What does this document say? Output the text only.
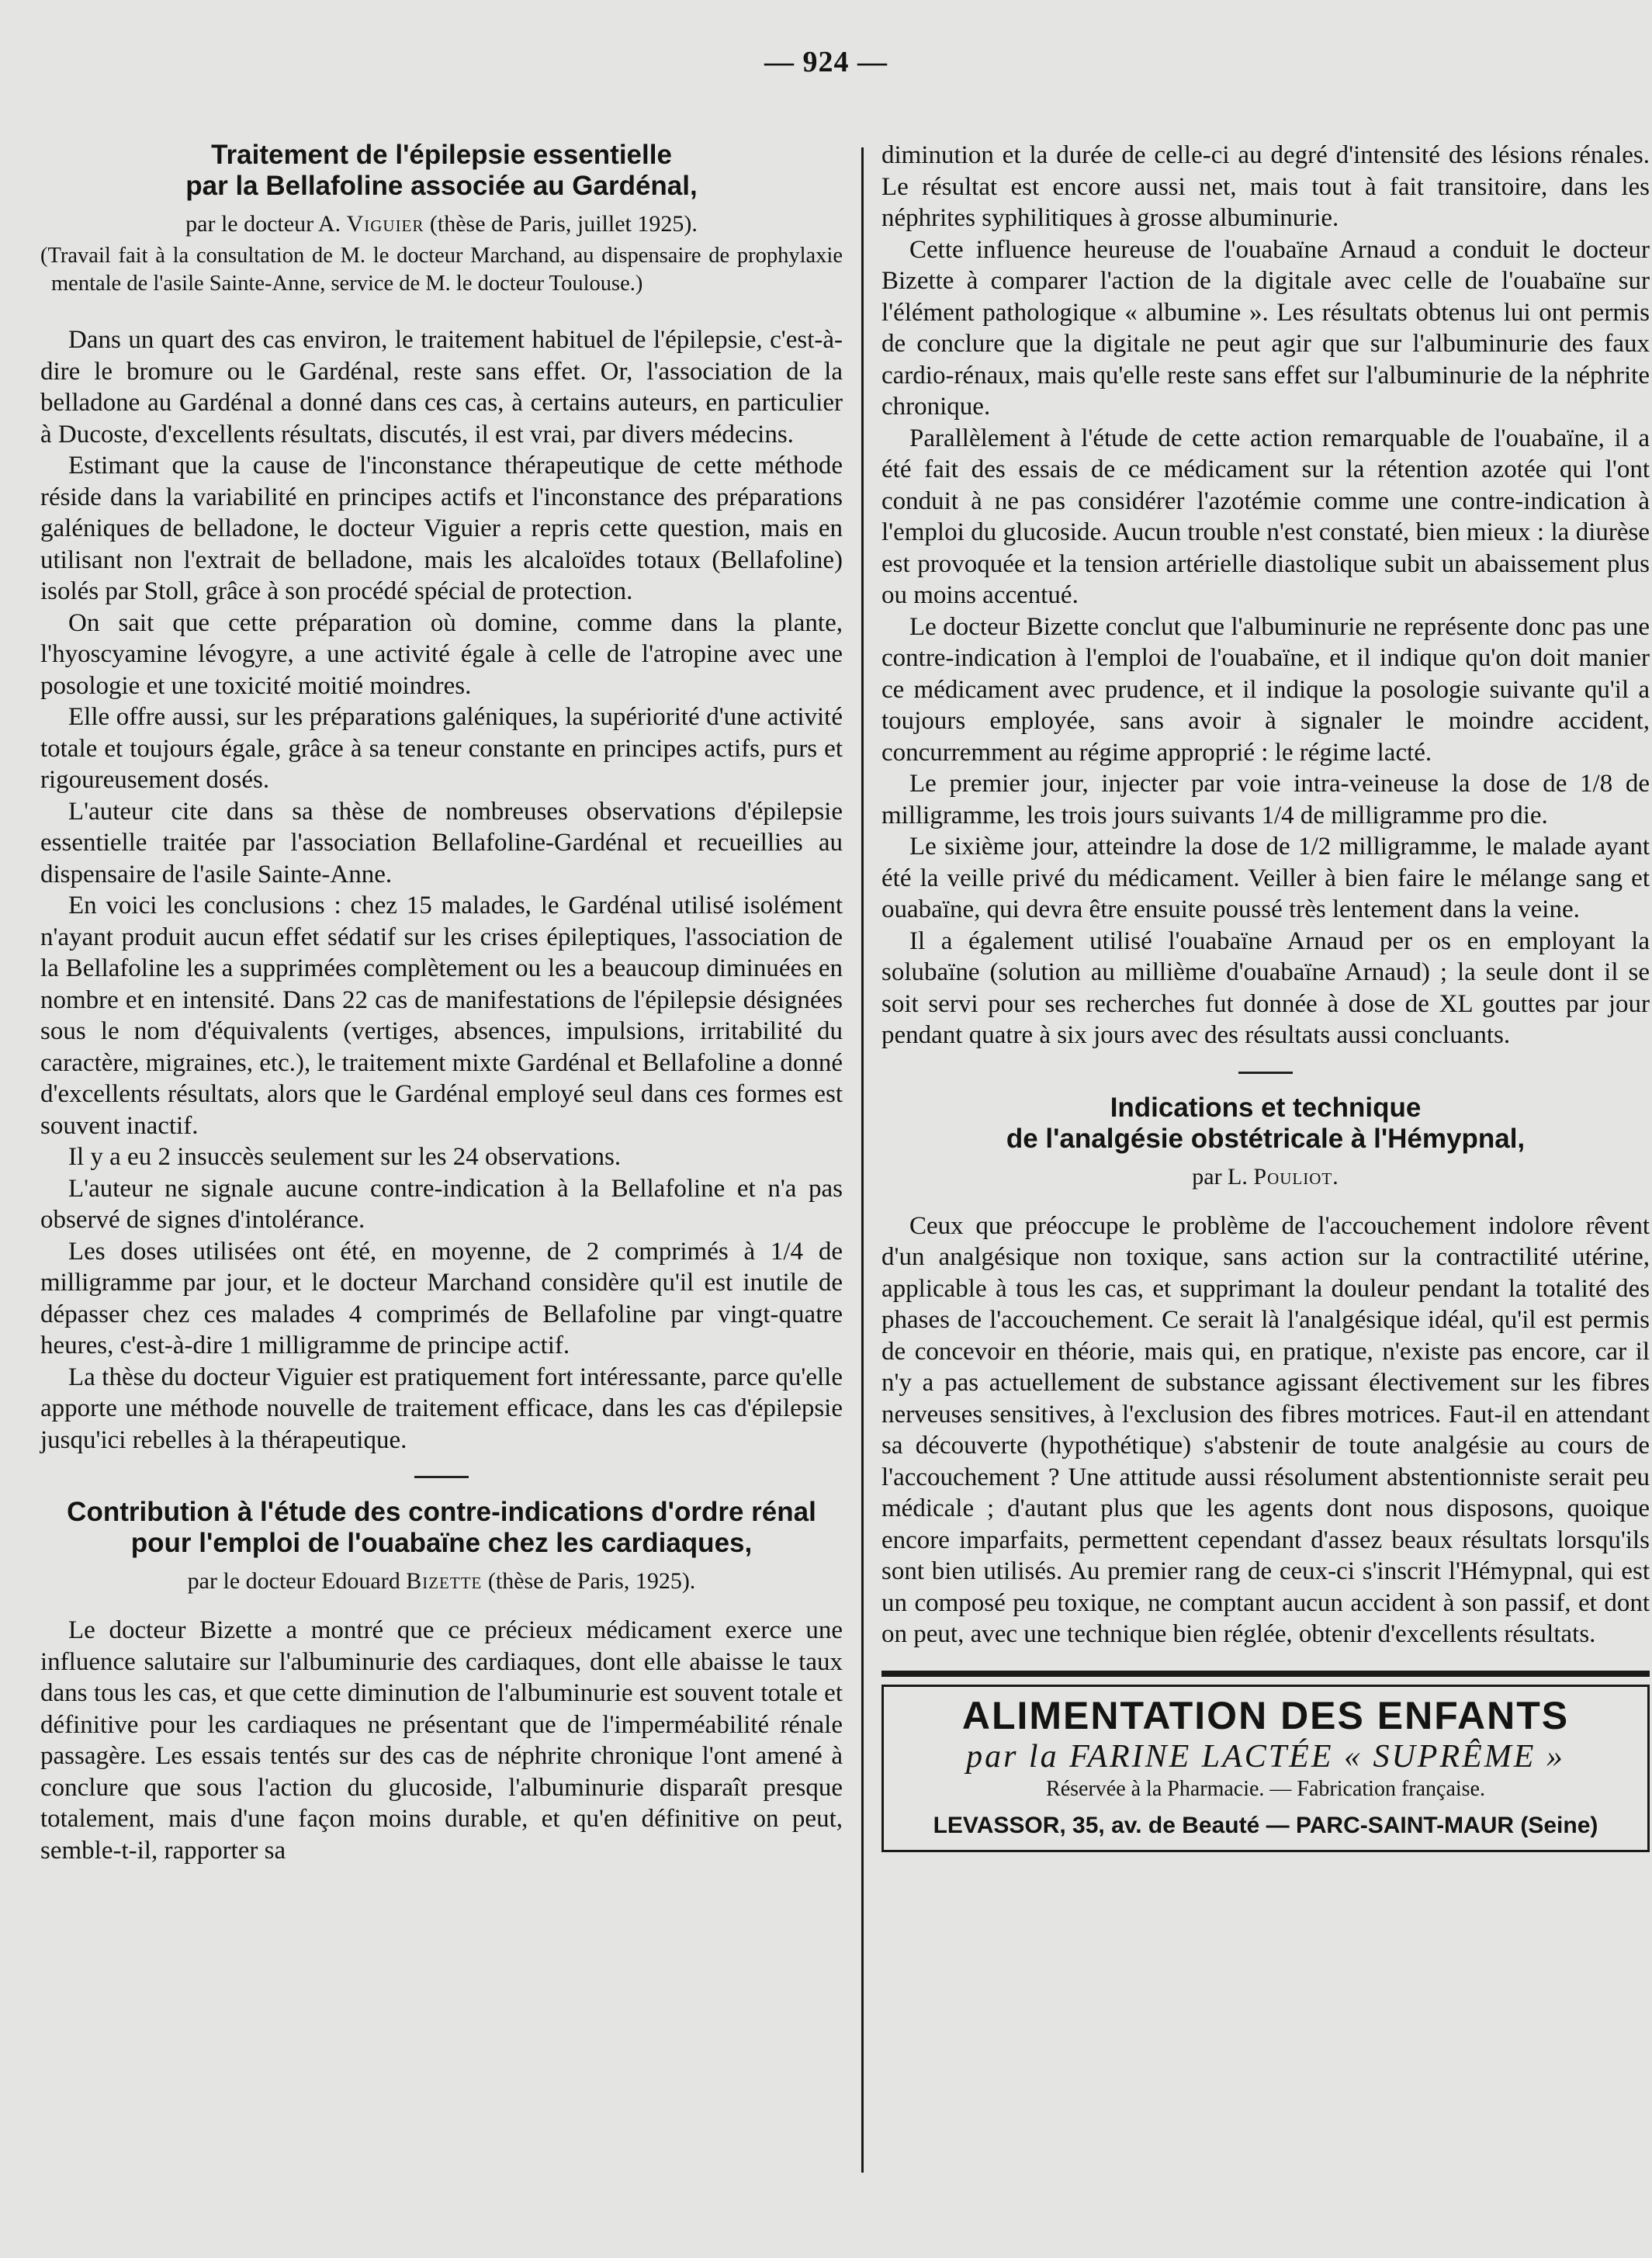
— 924 —
Traitement de l'épilepsie essentielle
par la Bellafoline associée au Gardénal,
par le docteur A. Viguier (thèse de Paris, juillet 1925).
(Travail fait à la consultation de M. le docteur Marchand, au dispensaire de prophylaxie mentale de l'asile Sainte-Anne, service de M. le docteur Toulouse.)

Dans un quart des cas environ, le traitement habituel de l'épilepsie, c'est-à-dire le bromure ou le Gardénal, reste sans effet. Or, l'association de la belladone au Gardénal a donné dans ces cas, à certains auteurs, en particulier à Ducoste, d'excellents résultats, discutés, il est vrai, par divers médecins.

Estimant que la cause de l'inconstance thérapeutique de cette méthode réside dans la variabilité en principes actifs et l'inconstance des préparations galéniques de belladone, le docteur Viguier a repris cette question, mais en utilisant non l'extrait de belladone, mais les alcaloïdes totaux (Bellafoline) isolés par Stoll, grâce à son procédé spécial de protection.

On sait que cette préparation où domine, comme dans la plante, l'hyoscyamine lévogyre, a une activité égale à celle de l'atropine avec une posologie et une toxicité moitié moindres.

Elle offre aussi, sur les préparations galéniques, la supériorité d'une activité totale et toujours égale, grâce à sa teneur constante en principes actifs, purs et rigoureusement dosés.

L'auteur cite dans sa thèse de nombreuses observations d'épilepsie essentielle traitée par l'association Bellafoline-Gardénal et recueillies au dispensaire de l'asile Sainte-Anne.

En voici les conclusions : chez 15 malades, le Gardénal utilisé isolément n'ayant produit aucun effet sédatif sur les crises épileptiques, l'association de la Bellafoline les a supprimées complètement ou les a beaucoup diminuées en nombre et en intensité. Dans 22 cas de manifestations de l'épilepsie désignées sous le nom d'équivalents (vertiges, absences, impulsions, irritabilité du caractère, migraines, etc.), le traitement mixte Gardénal et Bellafoline a donné d'excellents résultats, alors que le Gardénal employé seul dans ces formes est souvent inactif.

Il y a eu 2 insuccès seulement sur les 24 observations.

L'auteur ne signale aucune contre-indication à la Bellafoline et n'a pas observé de signes d'intolérance.

Les doses utilisées ont été, en moyenne, de 2 comprimés à 1/4 de milligramme par jour, et le docteur Marchand considère qu'il est inutile de dépasser chez ces malades 4 comprimés de Bellafoline par vingt-quatre heures, c'est-à-dire 1 milligramme de principe actif.

La thèse du docteur Viguier est pratiquement fort intéressante, parce qu'elle apporte une méthode nouvelle de traitement efficace, dans les cas d'épilepsie jusqu'ici rebelles à la thérapeutique.

Contribution à l'étude des contre-indications d'ordre rénal pour l'emploi de l'ouabaïne chez les cardiaques,
par le docteur Edouard Bizette (thèse de Paris, 1925).

Le docteur Bizette a montré que ce précieux médicament exerce une influence salutaire sur l'albuminurie des cardiaques, dont elle abaisse le taux dans tous les cas, et que cette diminution de l'albuminurie est souvent totale et définitive pour les cardiaques ne présentant que de l'imperméabilité rénale passagère. Les essais tentés sur des cas de néphrite chronique l'ont amené à conclure que sous l'action du glucoside, l'albuminurie disparaît presque totalement, mais d'une façon moins durable, et qu'en définitive on peut, semble-t-il, rapporter sa

diminution et la durée de celle-ci au degré d'intensité des lésions rénales. Le résultat est encore aussi net, mais tout à fait transitoire, dans les néphrites syphilitiques à grosse albuminurie.

Cette influence heureuse de l'ouabaïne Arnaud a conduit le docteur Bizette à comparer l'action de la digitale avec celle de l'ouabaïne sur l'élément pathologique « albumine ». Les résultats obtenus lui ont permis de conclure que la digitale ne peut agir que sur l'albuminurie des faux cardio-rénaux, mais qu'elle reste sans effet sur l'albuminurie de la néphrite chronique.

Parallèlement à l'étude de cette action remarquable de l'ouabaïne, il a été fait des essais de ce médicament sur la rétention azotée qui l'ont conduit à ne pas considérer l'azotémie comme une contre-indication à l'emploi du glucoside. Aucun trouble n'est constaté, bien mieux : la diurèse est provoquée et la tension artérielle diastolique subit un abaissement plus ou moins accentué.

Le docteur Bizette conclut que l'albuminurie ne représente donc pas une contre-indication à l'emploi de l'ouabaïne, et il indique qu'on doit manier ce médicament avec prudence, et il indique la posologie suivante qu'il a toujours employée, sans avoir à signaler le moindre accident, concurremment au régime approprié : le régime lacté.

Le premier jour, injecter par voie intra-veineuse la dose de 1/8 de milligramme, les trois jours suivants 1/4 de milligramme pro die.

Le sixième jour, atteindre la dose de 1/2 milligramme, le malade ayant été la veille privé du médicament. Veiller à bien faire le mélange sang et ouabaïne, qui devra être ensuite poussé très lentement dans la veine.

Il a également utilisé l'ouabaïne Arnaud per os en employant la solubaïne (solution au millième d'ouabaïne Arnaud) ; la seule dont il se soit servi pour ses recherches fut donnée à dose de XL gouttes par jour pendant quatre à six jours avec des résultats aussi concluants.

Indications et technique
de l'analgésie obstétricale à l'Hémypnal,
par L. Pouliot.

Ceux que préoccupe le problème de l'accouchement indolore rêvent d'un analgésique non toxique, sans action sur la contractilité utérine, applicable à tous les cas, et supprimant la douleur pendant la totalité des phases de l'accouchement. Ce serait là l'analgésique idéal, qu'il est permis de concevoir en théorie, mais qui, en pratique, n'existe pas encore, car il n'y a pas actuellement de substance agissant électivement sur les fibres nerveuses sensitives, à l'exclusion des fibres motrices. Faut-il en attendant sa découverte (hypothétique) s'abstenir de toute analgésie au cours de l'accouchement ? Une attitude aussi résolument abstentionniste serait peu médicale ; d'autant plus que les agents dont nous disposons, quoique encore imparfaits, permettent cependant d'assez beaux résultats lorsqu'ils sont bien utilisés. Au premier rang de ceux-ci s'inscrit l'Hémypnal, qui est un composé peu toxique, ne comptant aucun accident à son passif, et dont on peut, avec une technique bien réglée, obtenir d'excellents résultats.

ALIMENTATION DES ENFANTS
par la FARINE LACTÉE « SUPRÊME »
Réservée à la Pharmacie. — Fabrication française.
LEVASSOR, 35, av. de Beauté — PARC-SAINT-MAUR (Seine)
